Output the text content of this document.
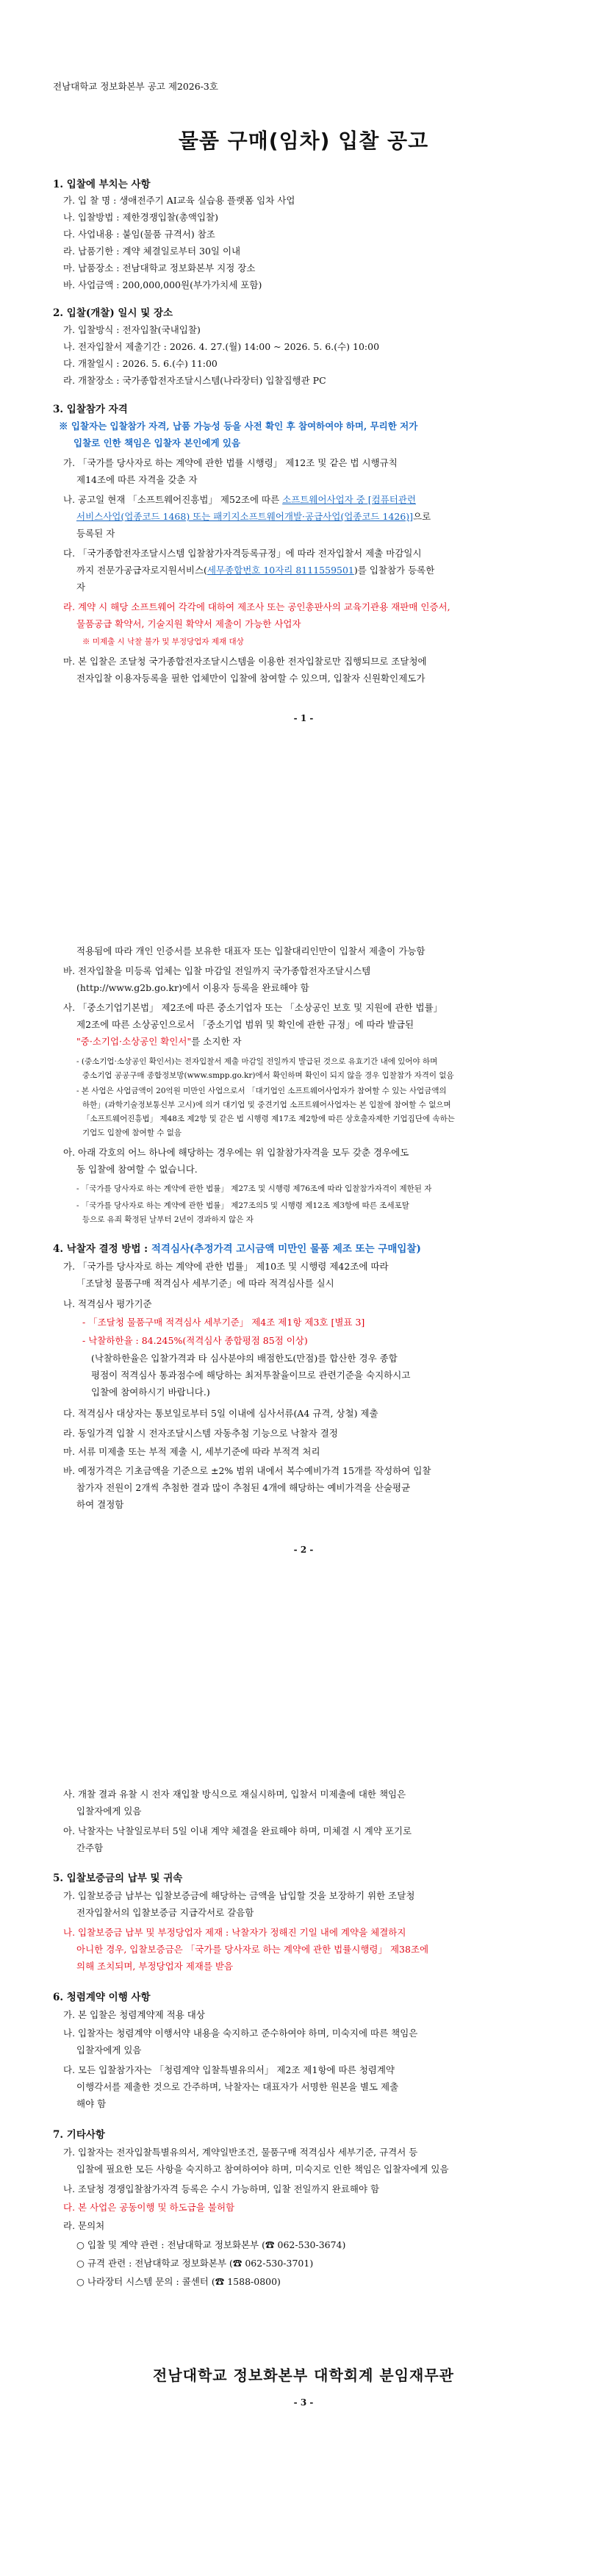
전남대학교 정보화본부 공고 제2026-3호
물품 구매(임차) 입찰 공고
1. 입찰에 부치는 사항
가. 입 찰 명 : 생애전주기 AI교육 실습용 플랫폼 임차 사업
나. 입찰방법 : 제한경쟁입찰(총액입찰)
다. 사업내용 : 붙임(물품 규격서) 참조
라. 납품기한 : 계약 체결일로부터 30일 이내
마. 납품장소 : 전남대학교 정보화본부 지정 장소
바. 사업금액 : 200,000,000원(부가가치세 포함)
2. 입찰(개찰) 일시 및 장소
가. 입찰방식 : 전자입찰(국내입찰)
나. 전자입찰서 제출기간 : 2026. 4. 27.(월) 14:00 ~ 2026. 5. 6.(수) 10:00
다. 개찰일시 : 2026. 5. 6.(수) 11:00
라. 개찰장소 : 국가종합전자조달시스템(나라장터) 입찰집행관 PC
3. 입찰참가 자격
※ 입찰자는 입찰참가 자격, 납품 가능성 등을 사전 확인 후 참여하여야 하며, 무리한 저가
입찰로 인한 책임은 입찰자 본인에게 있음
가. 「국가를 당사자로 하는 계약에 관한 법률 시행령」 제12조 및 같은 법 시행규칙
제14조에 따른 자격을 갖춘 자
나. 공고일 현재 「소프트웨어진흥법」 제52조에 따른 소프트웨어사업자 중 [컴퓨터관련
서비스사업(업종코드 1468) 또는 패키지소프트웨어개발·공급사업(업종코드 1426)]으로
등록된 자
다. 「국가종합전자조달시스템 입찰참가자격등록규정」에 따라 전자입찰서 제출 마감일시
까지 전문가공급자로지원서비스(세무종합번호 10자리 8111559501)를 입찰참가 등록한
자
라. 계약 시 해당 소프트웨어 각각에 대하여 제조사 또는 공인총판사의 교육기관용 재판매 인증서,
물품공급 확약서, 기술지원 확약서 제출이 가능한 사업자
※ 미제출 시 낙찰 불가 및 부정당업자 제재 대상
마. 본 입찰은 조달청 국가종합전자조달시스템을 이용한 전자입찰로만 집행되므로 조달청에
전자입찰 이용자등록을 필한 업체만이 입찰에 참여할 수 있으며, 입찰자 신원확인제도가
- 1 -
적용됨에 따라 개인 인증서를 보유한 대표자 또는 입찰대리인만이 입찰서 제출이 가능함
바. 전자입찰을 미등록 업체는 입찰 마감일 전일까지 국가종합전자조달시스템
(http://www.g2b.go.kr)에서 이용자 등록을 완료해야 함
사. 「중소기업기본법」 제2조에 따른 중소기업자 또는 「소상공인 보호 및 지원에 관한 법률」
제2조에 따른 소상공인으로서 「중소기업 범위 및 확인에 관한 규정」에 따라 발급된
"중·소기업·소상공인 확인서"를 소지한 자
- (중소기업·소상공인 확인서)는 전자입찰서 제출 마감일 전일까지 발급된 것으로 유효기간 내에 있어야 하며
중소기업 공공구매 종합정보망(www.smpp.go.kr)에서 확인하며 확인이 되지 않을 경우 입찰참가 자격이 없음
- 본 사업은 사업금액이 20억원 미만인 사업으로서 「대기업인 소프트웨어사업자가 참여할 수 있는 사업금액의
하한」(과학기술정보통신부 고시)에 의거 대기업 및 중견기업 소프트웨어사업자는 본 입찰에 참여할 수 없으며
「소프트웨어진흥법」 제48조 제2항 및 같은 법 시행령 제17조 제2항에 따른 상호출자제한 기업집단에 속하는
기업도 입찰에 참여할 수 없음
아. 아래 각호의 어느 하나에 해당하는 경우에는 위 입찰참가자격을 모두 갖춘 경우에도
동 입찰에 참여할 수 없습니다.
- 「국가를 당사자로 하는 계약에 관한 법률」 제27조 및 시행령 제76조에 따라 입찰참가자격이 제한된 자
- 「국가를 당사자로 하는 계약에 관한 법률」 제27조의5 및 시행령 제12조 제3항에 따른 조세포탈
등으로 유죄 확정된 날부터 2년이 경과하지 않은 자
4. 낙찰자 결정 방법 : 적격심사(추정가격 고시금액 미만인 물품 제조 또는 구매입찰)
가. 「국가를 당사자로 하는 계약에 관한 법률」 제10조 및 시행령 제42조에 따라
「조달청 물품구매 적격심사 세부기준」에 따라 적격심사를 실시
나. 적격심사 평가기준
- 「조달청 물품구매 적격심사 세부기준」 제4조 제1항 제3호 [별표 3]
- 낙찰하한율 : 84.245%(적격심사 종합평점 85점 이상)
(낙찰하한율은 입찰가격과 타 심사분야의 배점한도(만점)를 합산한 경우 종합
평점이 적격심사 통과점수에 해당하는 최저투찰율이므로 관련기준을 숙지하시고
입찰에 참여하시기 바랍니다.)
다. 적격심사 대상자는 통보일로부터 5일 이내에 심사서류(A4 규격, 상철) 제출
라. 동일가격 입찰 시 전자조달시스템 자동추첨 기능으로 낙찰자 결정
마. 서류 미제출 또는 부적 제출 시, 세부기준에 따라 부적격 처리
바. 예정가격은 기초금액을 기준으로 ±2% 범위 내에서 복수예비가격 15개를 작성하여 입찰
참가자 전원이 2개씩 추첨한 결과 많이 추첨된 4개에 해당하는 예비가격을 산술평균
하여 결정함
- 2 -
사. 개찰 결과 유찰 시 전자 재입찰 방식으로 재실시하며, 입찰서 미제출에 대한 책임은
입찰자에게 있음
아. 낙찰자는 낙찰일로부터 5일 이내 계약 체결을 완료해야 하며, 미체결 시 계약 포기로
간주함
5. 입찰보증금의 납부 및 귀속
가. 입찰보증금 납부는 입찰보증금에 해당하는 금액을 납입할 것을 보장하기 위한 조달청
전자입찰서의 입찰보증금 지급각서로 갈음함
나. 입찰보증금 납부 및 부정당업자 제재 : 낙찰자가 정해진 기일 내에 계약을 체결하지
아니한 경우, 입찰보증금은 「국가를 당사자로 하는 계약에 관한 법률시행령」 제38조에
의해 조치되며, 부정당업자 제재를 받음
6. 청렴계약 이행 사항
가. 본 입찰은 청렴계약제 적용 대상
나. 입찰자는 청렴계약 이행서약 내용을 숙지하고 준수하여야 하며, 미숙지에 따른 책임은
입찰자에게 있음
다. 모든 입찰참가자는 「청렴계약 입찰특별유의서」 제2조 제1항에 따른 청렴계약
이행각서를 제출한 것으로 간주하며, 낙찰자는 대표자가 서명한 원본을 별도 제출
해야 함
7. 기타사항
가. 입찰자는 전자입찰특별유의서, 계약일반조건, 물품구매 적격심사 세부기준, 규격서 등
입찰에 필요한 모든 사항을 숙지하고 참여하여야 하며, 미숙지로 인한 책임은 입찰자에게 있음
나. 조달청 경쟁입찰참가자격 등록은 수시 가능하며, 입찰 전일까지 완료해야 함
다. 본 사업은 공동이행 및 하도급을 불허함
라. 문의처
○ 입찰 및 계약 관련 : 전남대학교 정보화본부 (☎ 062-530-3674)
○ 규격 관련 : 전남대학교 정보화본부 (☎ 062-530-3701)
○ 나라장터 시스템 문의 : 콜센터 (☎ 1588-0800)
전남대학교 정보화본부 대학회계 분임재무관
- 3 -
